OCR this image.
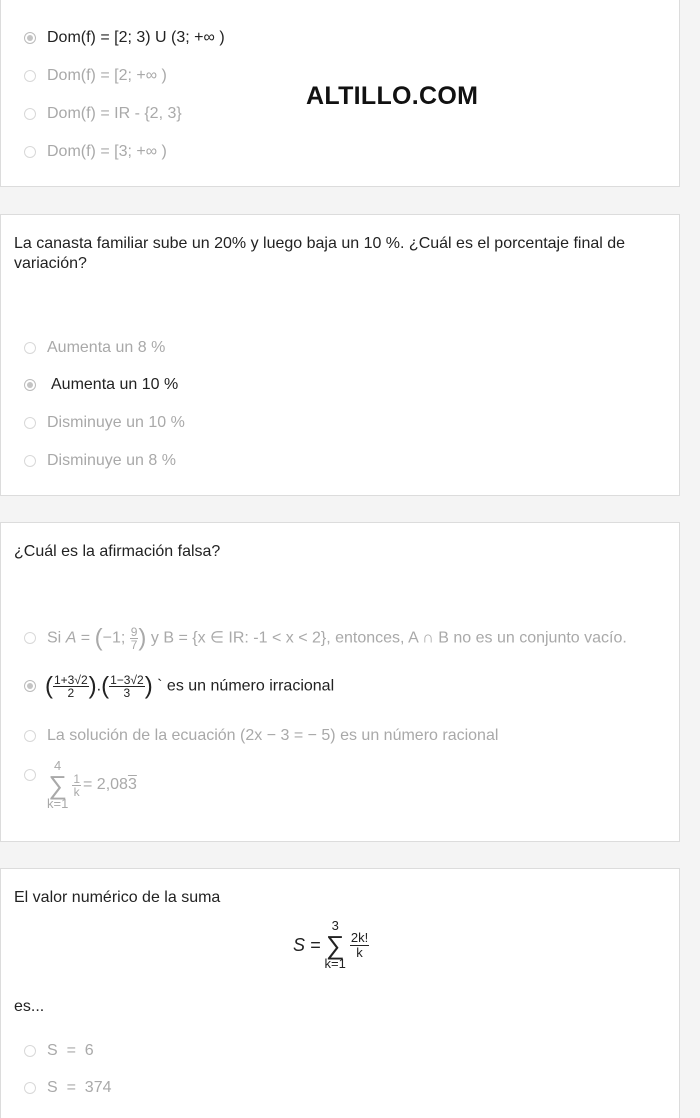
Dom(f) = [2; 3) U (3; +∞ )
Dom(f) = [2; +∞ )
Dom(f) = IR - {2, 3}
Dom(f) = [3; +∞ )
ALTILLO.COM
La canasta familiar sube un 20% y luego baja un 10 %. ¿Cuál es el porcentaje final de variación?
Aumenta un 8 %
Aumenta un 10 %
Disminuye un 10 %
Disminuye un 8 %
¿Cuál es la afirmación falsa?
Si A = (−1; $\frac{9}{7}$ ) y B = {x ∈ IR: -1 < x < 2}, entonces, A ∩ B no es un conjunto vacío.
( $\frac{1+3√2}{2}$ ).( $\frac{1-3√2}{3}$ ) ` es un número irracional
La solución de la ecuación (2x − 3 = − 5) es un número racional
4
∑
k=1
$\frac{1}{k} = 2,08$ 3
El valor numérico de la suma
S =
3
∑
k=1
$\frac{2k!}{k}$
es...
S  =  6
S  =  374
